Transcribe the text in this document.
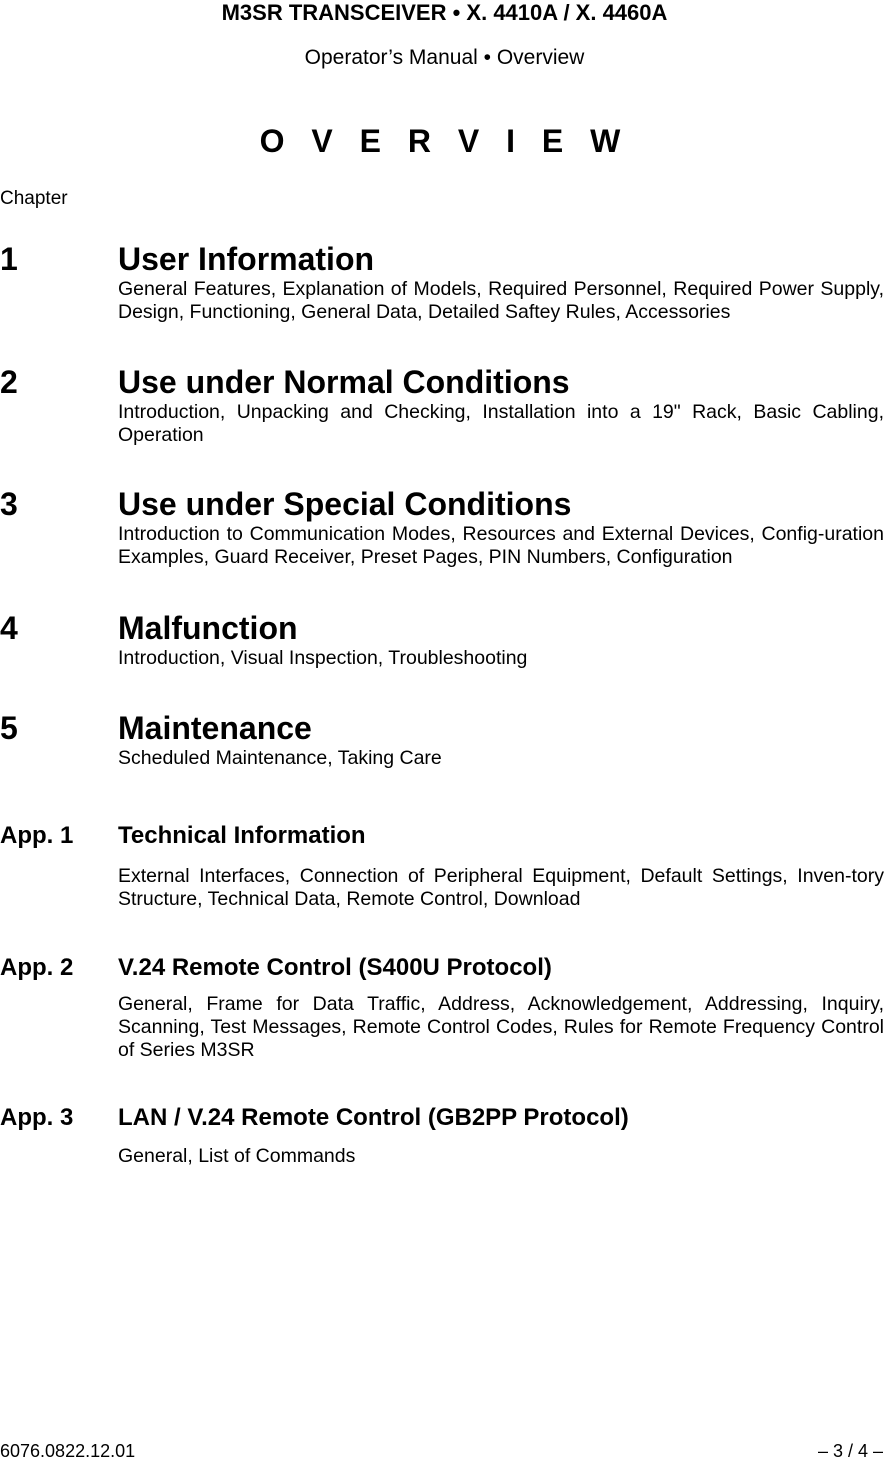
M3SR TRANSCEIVER • X. 4410A / X. 4460A
Operator’s Manual • Overview
O V E R V I E W
Chapter
1	User Information
General Features, Explanation of Models, Required Personnel, Required Power Supply, Design, Functioning, General Data, Detailed Saftey Rules, Accessories
2	Use under Normal Conditions
Introduction, Unpacking and Checking, Installation into a 19" Rack, Basic Cabling, Operation
3	Use under Special Conditions
Introduction to Communication Modes, Resources and External Devices, Config-uration Examples, Guard Receiver, Preset Pages, PIN Numbers, Configuration
4	Malfunction
Introduction, Visual Inspection, Troubleshooting
5	Maintenance
Scheduled Maintenance, Taking Care
App. 1 Technical Information
External Interfaces, Connection of Peripheral Equipment, Default Settings, Inven-tory Structure, Technical Data, Remote Control, Download
App. 2 V.24 Remote Control (S400U Protocol)
General, Frame for Data Traffic, Address, Acknowledgement, Addressing, Inquiry, Scanning, Test Messages, Remote Control Codes, Rules for Remote Frequency Control of Series M3SR
App. 3 LAN / V.24 Remote Control (GB2PP Protocol)
General, List of Commands
6076.0822.12.01	– 3 / 4 –
